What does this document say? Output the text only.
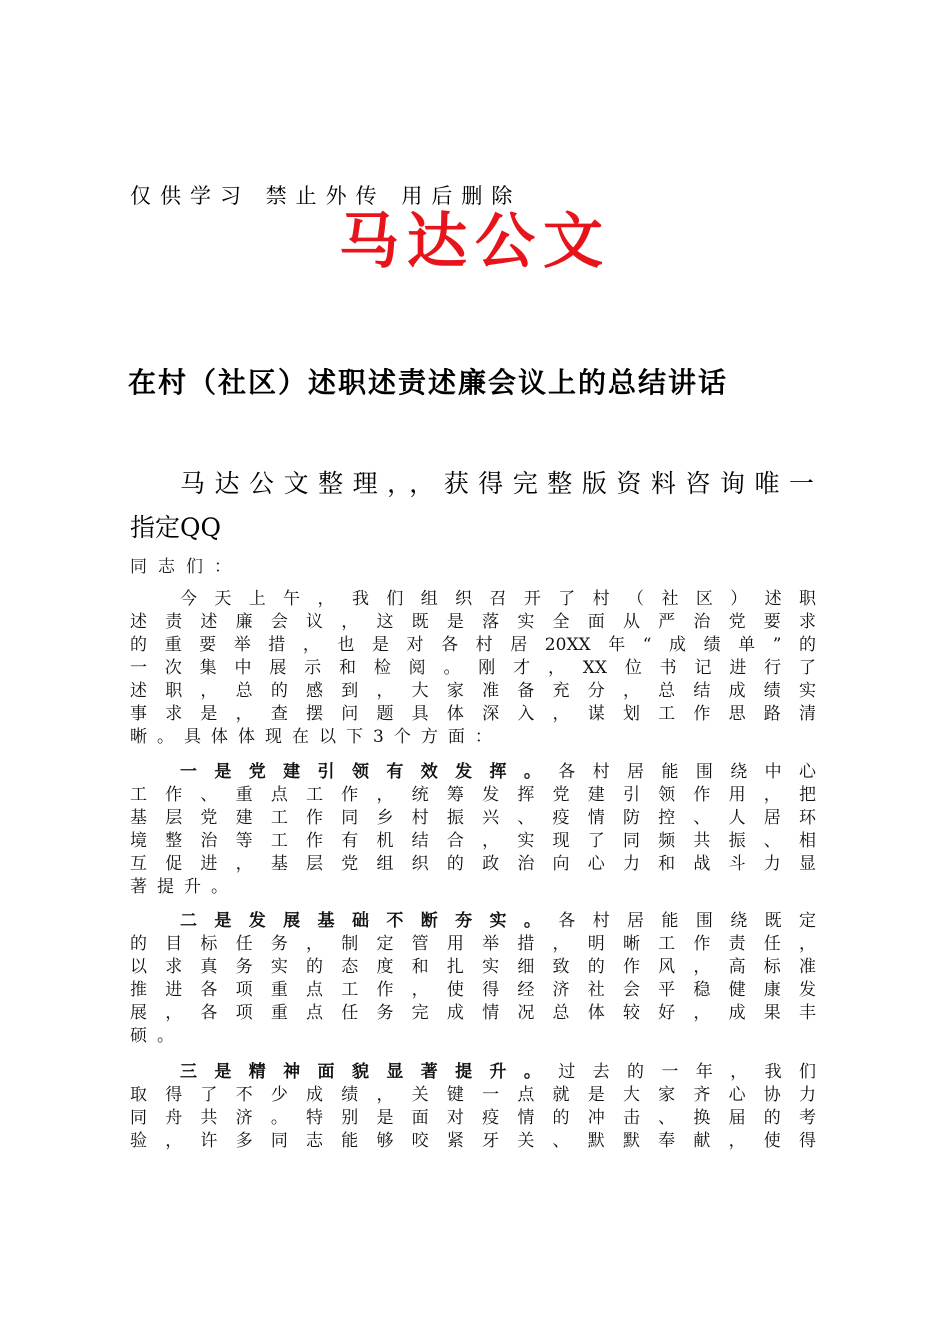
仅供学习 禁止外传 用后删除
马达公文
在村（社区）述职述责述廉会议上的总结讲话
马达公文整理，，获得完整版资料咨询唯一
指定QQ
同志们：
今天上午，我们组织召开了村（社区）述职
述责述廉会议，这既是落实全面从严治党要求
的重要举措，也是对各村居20XX年“成绩单”的
一次集中展示和检阅。刚才，XX位书记进行了
述职，总的感到，大家准备充分，总结成绩实
事求是，查摆问题具体深入，谋划工作思路清
晰。具体体现在以下3个方面：
一是党建引领有效发挥。各村居能围绕中心
工作、重点工作，统筹发挥党建引领作用，把
基层党建工作同乡村振兴、疫情防控、人居环
境整治等工作有机结合，实现了同频共振、相
互促进，基层党组织的政治向心力和战斗力显
著提升。
二是发展基础不断夯实。各村居能围绕既定
的目标任务，制定管用举措，明晰工作责任，
以求真务实的态度和扎实细致的作风，高标准
推进各项重点工作，使得经济社会平稳健康发
展，各项重点任务完成情况总体较好，成果丰
硕。
三是精神面貌显著提升。过去的一年，我们
取得了不少成绩，关键一点就是大家齐心协力
同舟共济。特别是面对疫情的冲击、换届的考
验，许多同志能够咬紧牙关、默默奉献，使得
